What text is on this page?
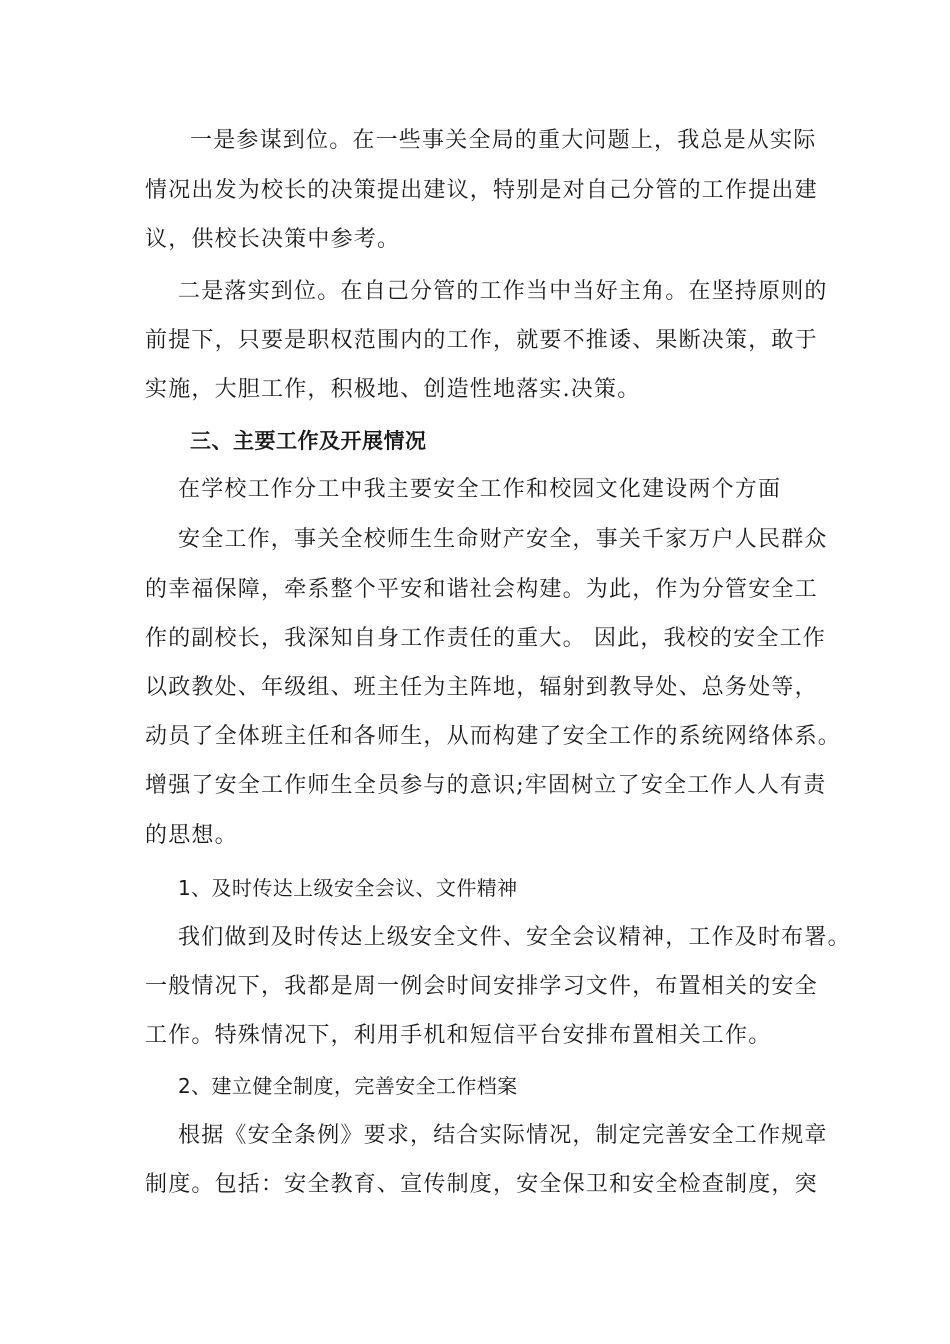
一是参谋到位。在一些事关全局的重大问题上，我总是从实际
情况出发为校长的决策提出建议，特别是对自己分管的工作提出建
议，供校长决策中参考。
二是落实到位。在自己分管的工作当中当好主角。在坚持原则的
前提下，只要是职权范围内的工作，就要不推诿、果断决策，敢于
实施，大胆工作，积极地、创造性地落实.决策。
三、主要工作及开展情况
在学校工作分工中我主要安全工作和校园文化建设两个方面
安全工作，事关全校师生生命财产安全，事关千家万户人民群众
的幸福保障，牵系整个平安和谐社会构建。为此，作为分管安全工
作的副校长，我深知自身工作责任的重大。 因此，我校的安全工作
以政教处、年级组、班主任为主阵地，辐射到教导处、总务处等，
动员了全体班主任和各师生，从而构建了安全工作的系统网络体系。
增强了安全工作师生全员参与的意识;牢固树立了安全工作人人有责
的思想。
1、及时传达上级安全会议、文件精神
我们做到及时传达上级安全文件、安全会议精神，工作及时布署。
一般情况下，我都是周一例会时间安排学习文件，布置相关的安全
工作。特殊情况下，利用手机和短信平台安排布置相关工作。
2、建立健全制度，完善安全工作档案
根据《安全条例》要求，结合实际情况，制定完善安全工作规章
制度。包括：安全教育、宣传制度，安全保卫和安全检查制度，突
